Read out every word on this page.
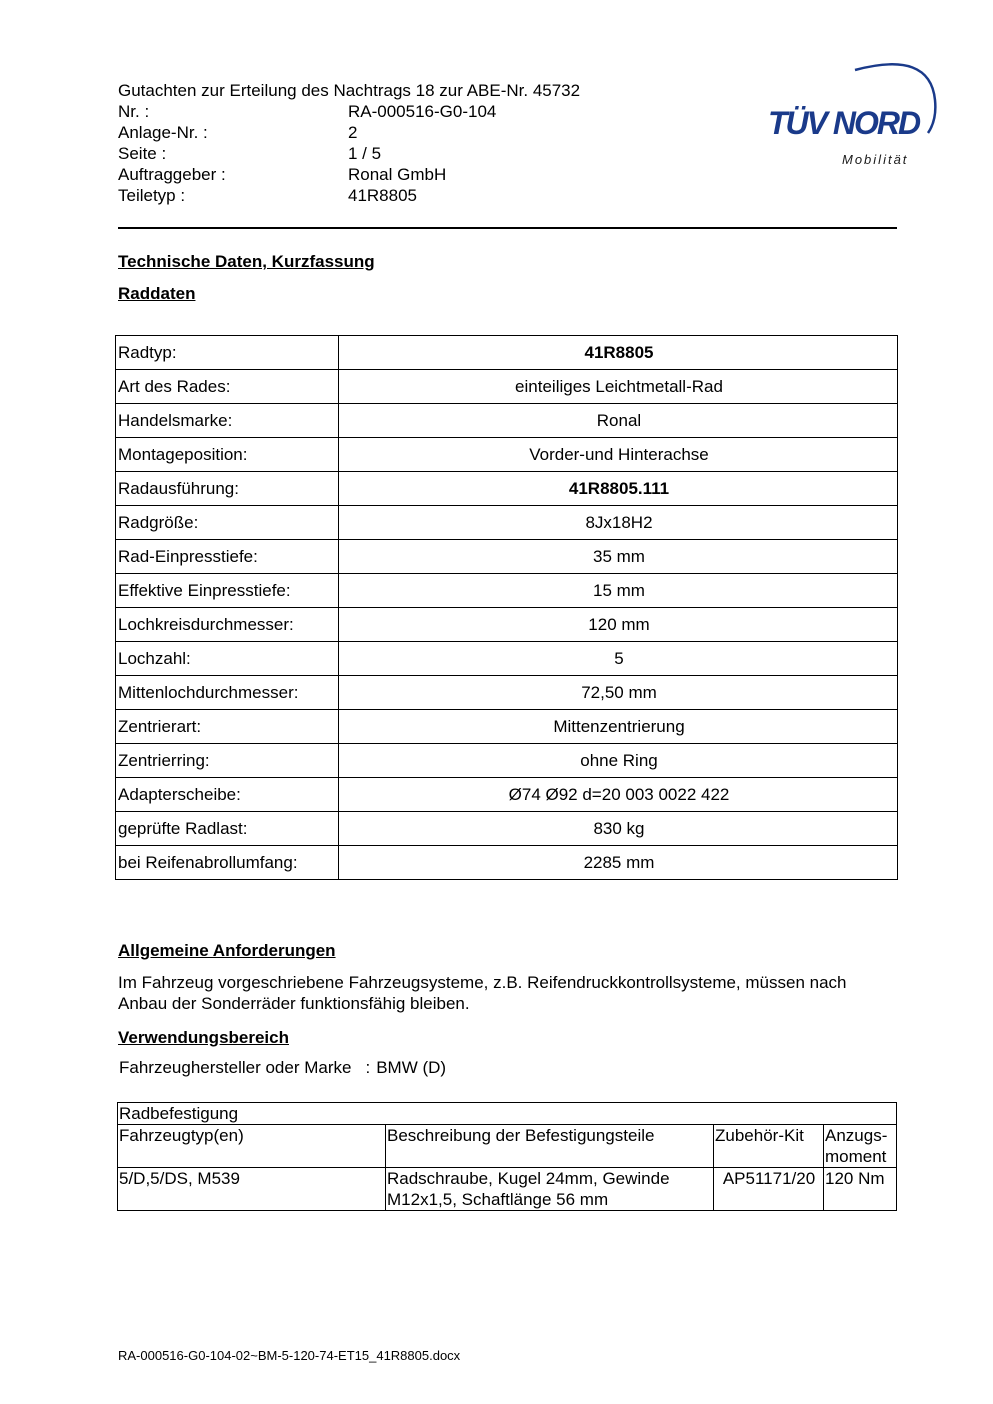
Gutachten zur Erteilung des Nachtrags 18 zur ABE-Nr. 45732
Nr. :	RA-000516-G0-104
Anlage-Nr. :	2
Seite :	1 / 5
Auftraggeber :	Ronal GmbH
Teiletyp :	41R8805
TÜV NORD
Mobilität
Technische Daten, Kurzfassung
Raddaten
Radtyp:	41R8805
Art des Rades:	einteiliges Leichtmetall-Rad
Handelsmarke:	Ronal
Montageposition:	Vorder-und Hinterachse
Radausführung:	41R8805.111
Radgröße:	8Jx18H2
Rad-Einpresstiefe:	35 mm
Effektive Einpresstiefe:	15 mm
Lochkreisdurchmesser:	120 mm
Lochzahl:	5
Mittenlochdurchmesser:	72,50 mm
Zentrierart:	Mittenzentrierung
Zentrierring:	ohne Ring
Adapterscheibe:	Ø74 Ø92 d=20 003 0022 422
geprüfte Radlast:	830 kg
bei Reifenabrollumfang:	2285 mm
Allgemeine Anforderungen
Im Fahrzeug vorgeschriebene Fahrzeugsysteme, z.B. Reifendruckkontrollsysteme, müssen nach Anbau der Sonderräder funktionsfähig bleiben.
Verwendungsbereich
Fahrzeughersteller oder Marke : BMW (D)
Radbefestigung			
Fahrzeugtyp(en)	Beschreibung der Befestigungsteile	Zubehör-Kit	Anzugs-moment
5/D,5/DS, M539	Radschraube, Kugel 24mm, Gewinde M12x1,5, Schaftlänge 56 mm	AP51171/20	120 Nm
RA-000516-G0-104-02~BM-5-120-74-ET15_41R8805.docx
